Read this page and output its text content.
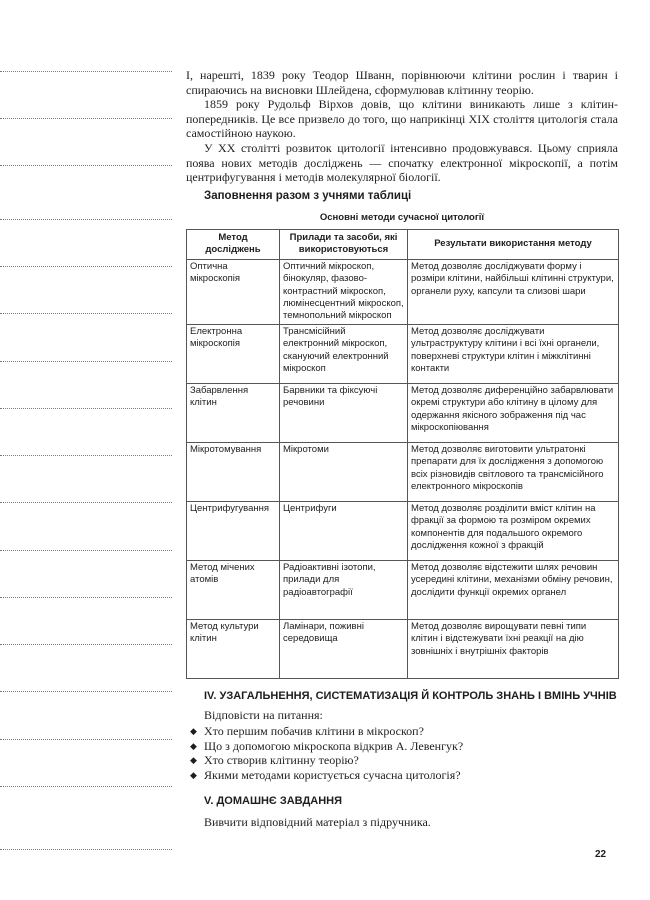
І, нарешті, 1839 року Теодор Шванн, порівнюючи клітини рослин і тварин і спираючись на висновки Шлейдена, сформулював клітинну теорію.

1859 року Рудольф Вірхов довів, що клітини виникають лише з клітин-попередників. Це все призвело до того, що наприкінці XIX століття цитологія стала самостійною наукою.

У XX столітті розвиток цитології інтенсивно продовжувався. Цьому сприяла поява нових методів досліджень — спочатку електронної мікроскопії, а потім центрифугування і методів молекулярної біології.

Заповнення разом з учнями таблиці

Основні методи сучасної цитології
Метод досліджень	Прилади та засоби, які використовуються	Результати використання методу
Оптична мікроскопія	Оптичний мікроскоп, бінокуляр, фазово-контрастний мікроскоп, люмінесцентний мікроскоп, темнопольний мікроскоп	Метод дозволяє досліджувати форму і розміри клітини, найбільші клітинні структури, органели руху, капсули та слизові шари
Електронна мікроскопія	Трансмісійний електронний мікроскоп, скануючий електронний мікроскоп	Метод дозволяє досліджувати ультраструктуру клітини і всі їхні органели, поверхневі структури клітин і міжклітинні контакти
Забарвлення клітин	Барвники та фіксуючі речовини	Метод дозволяє диференційно забарвлювати окремі структури або клітину в цілому для одержання якісного зображення під час мікроскопіювання
Мікротомування	Мікротоми	Метод дозволяє виготовити ультратонкі препарати для їх дослідження з допомогою всіх різновидів світлового та трансмісійного електронного мікроскопів
Центрифугування	Центрифуги	Метод дозволяє розділити вміст клітин на фракції за формою та розміром окремих компонентів для подальшого окремого дослідження кожної з фракцій
Метод мічених атомів	Радіоактивні ізотопи, прилади для радіоавтографії	Метод дозволяє відстежити шлях речовин усередині клітини, механізми обміну речовин, дослідити функції окремих органел
Метод культури клітин	Ламінари, поживні середовища	Метод дозволяє вирощувати певні типи клітин і відстежувати їхні реакції на дію зовнішніх і внутрішніх факторів

IV. УЗАГАЛЬНЕННЯ, СИСТЕМАТИЗАЦІЯ Й КОНТРОЛЬ ЗНАНЬ І ВМІНЬ УЧНІВ

Відповісти на питання:

◆ Хто першим побачив клітини в мікроскоп?
◆ Що з допомогою мікроскопа відкрив А. Левенгук?
◆ Хто створив клітинну теорію?
◆ Якими методами користується сучасна цитологія?

V. ДОМАШНЄ ЗАВДАННЯ

Вивчити відповідний матеріал з підручника.

22
